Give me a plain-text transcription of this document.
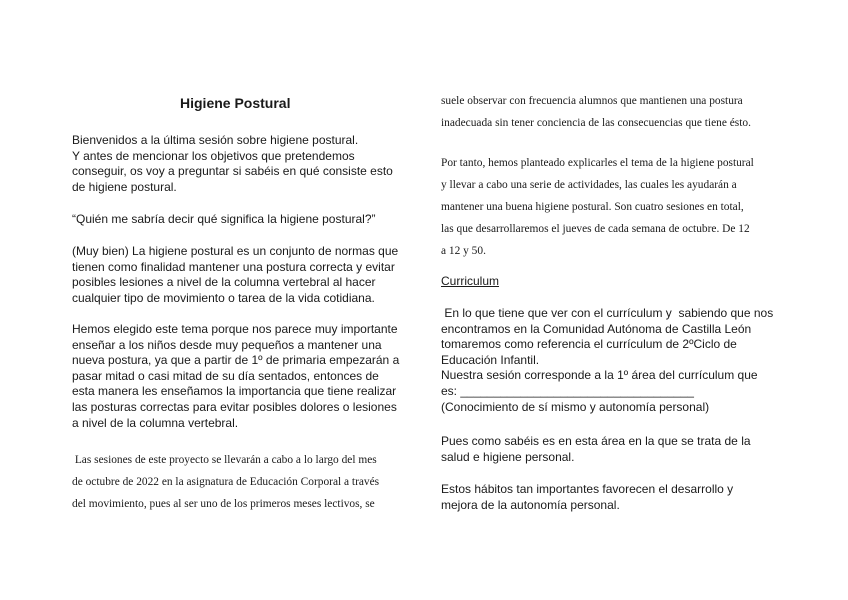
Higiene Postural

Bienvenidos a la última sesión sobre higiene postural.

Y antes de mencionar los objetivos que pretendemos

conseguir, os voy a preguntar si sabéis en qué consiste esto

de higiene postural.

“Quién me sabría decir qué significa la higiene postural?”

(Muy bien) La higiene postural es un conjunto de normas que

tienen como finalidad mantener una postura correcta y evitar

posibles lesiones a nivel de la columna vertebral al hacer

cualquier tipo de movimiento o tarea de la vida cotidiana.

Hemos elegido este tema porque nos parece muy importante

enseñar a los niños desde muy pequeños a mantener una

nueva postura, ya que a partir de 1º de primaria empezarán a

pasar mitad o casi mitad de su día sentados, entonces de

esta manera les enseñamos la importancia que tiene realizar

las posturas correctas para evitar posibles dolores o lesiones

a nivel de la columna vertebral.

Las sesiones de este proyecto se llevarán a cabo a lo largo del mes

de octubre de 2022 en la asignatura de Educación Corporal a través

del movimiento, pues al ser uno de los primeros meses lectivos, se

suele observar con frecuencia alumnos que mantienen una postura

inadecuada sin tener conciencia de las consecuencias que tiene ésto.

Por tanto, hemos planteado explicarles el tema de la higiene postural

y llevar a cabo una serie de actividades, las cuales les ayudarán a

mantener una buena higiene postural. Son cuatro sesiones en total,

las que desarrollaremos el jueves de cada semana de octubre. De 12

a 12 y 50.

Curriculum

En lo que tiene que ver con el currículum y  sabiendo que nos

encontramos en la Comunidad Autónoma de Castilla León

tomaremos como referencia el currículum de 2ºCiclo de

Educación Infantil.

Nuestra sesión corresponde a la 1º área del currículum que

es: ___________________________________

(Conocimiento de sí mismo y autonomía personal)

Pues como sabéis es en esta área en la que se trata de la

salud e higiene personal.

Estos hábitos tan importantes favorecen el desarrollo y

mejora de la autonomía personal.
